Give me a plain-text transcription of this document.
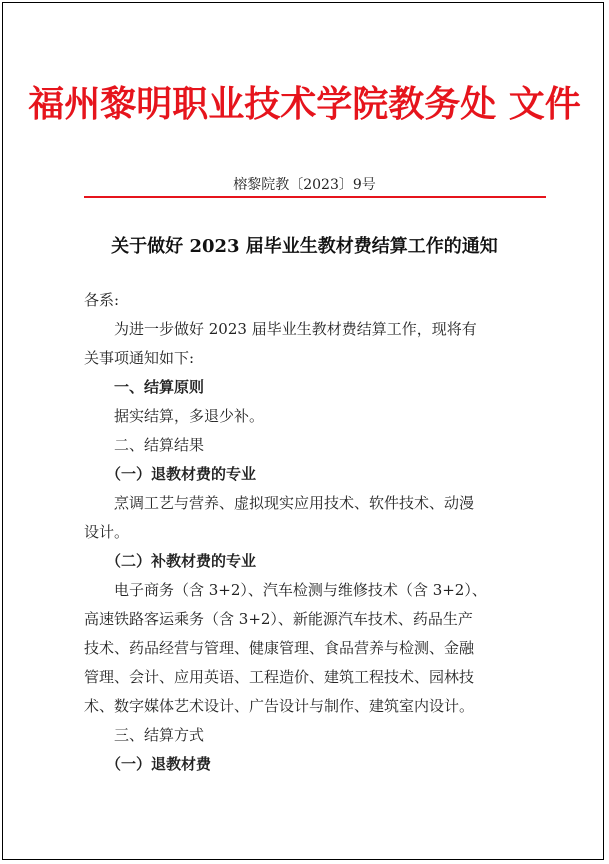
福州黎明职业技术学院教务处 文件
榕黎院教〔2023〕9号
关于做好 2023 届毕业生教材费结算工作的通知
各系:
为进一步做好 2023 届毕业生教材费结算工作，现将有
关事项通知如下:
一、结算原则
据实结算，多退少补。
二、结算结果
（一）退教材费的专业
烹调工艺与营养、虚拟现实应用技术、软件技术、动漫
设计。
（二）补教材费的专业
电子商务（含 3+2）、汽车检测与维修技术（含 3+2）、
高速铁路客运乘务（含 3+2）、新能源汽车技术、药品生产
技术、药品经营与管理、健康管理、食品营养与检测、金融
管理、会计、应用英语、工程造价、建筑工程技术、园林技
术、数字媒体艺术设计、广告设计与制作、建筑室内设计。
三、结算方式
（一）退教材费
